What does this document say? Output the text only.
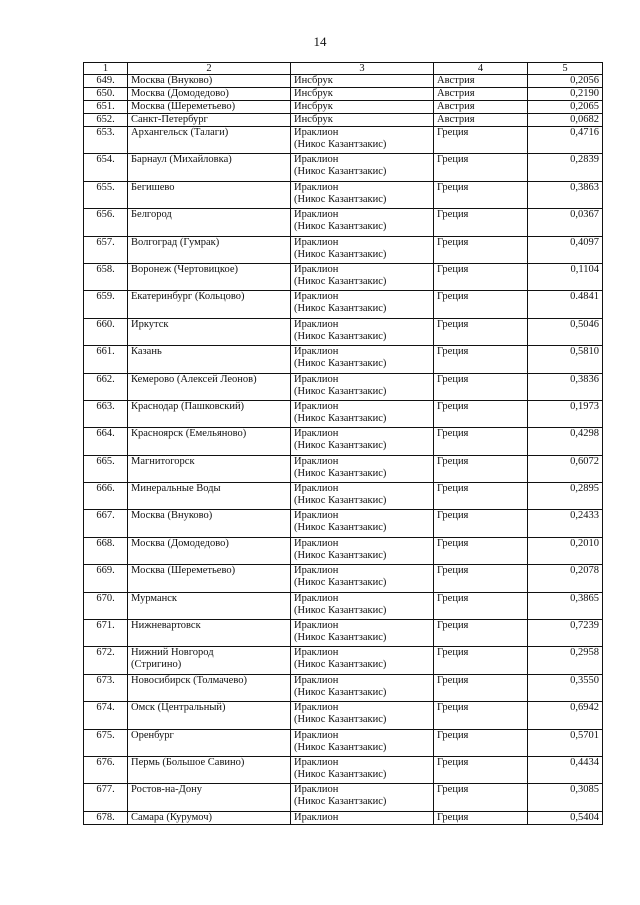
14
1	2	3	4	5
649.	Москва (Внуково)	Инсбрук	Австрия	0,2056
650.	Москва (Домодедово)	Инсбрук	Австрия	0,2190
651.	Москва (Шереметьево)	Инсбрук	Австрия	0,2065
652.	Санкт-Петербург	Инсбрук	Австрия	0,0682
653.	Архангельск (Талаги)	Ираклион
(Никос Казантзакис)	Греция	0,4716
654.	Барнаул (Михайловка)	Ираклион
(Никос Казантзакис)	Греция	0,2839
655.	Бегишево	Ираклион
(Никос Казантзакис)	Греция	0,3863
656.	Белгород	Ираклион
(Никос Казантзакис)	Греция	0,0367
657.	Волгоград (Гумрак)	Ираклион
(Никос Казантзакис)	Греция	0,4097
658.	Воронеж (Чертовицкое)	Ираклион
(Никос Казантзакис)	Греция	0,1104
659.	Екатеринбург (Кольцово)	Ираклион
(Никос Казантзакис)	Греция	0.4841
660.	Иркутск	Ираклион
(Никос Казантзакис)	Греция	0,5046
661.	Казань	Ираклион
(Никос Казантзакис)	Греция	0,5810
662.	Кемерово (Алексей Леонов)	Ираклион
(Никос Казантзакис)	Греция	0,3836
663.	Краснодар (Пашковский)	Ираклион
(Никос Казантзакис)	Греция	0,1973
664.	Красноярск (Емельяново)	Ираклион
(Никос Казантзакис)	Греция	0,4298
665.	Магнитогорск	Ираклион
(Никос Казантзакис)	Греция	0,6072
666.	Минеральные Воды	Ираклион
(Никос Казантзакис)	Греция	0,2895
667.	Москва (Внуково)	Ираклион
(Никос Казантзакис)	Греция	0,2433
668.	Москва (Домодедово)	Ираклион
(Никос Казантзакис)	Греция	0,2010
669.	Москва (Шереметьево)	Ираклион
(Никос Казантзакис)	Греция	0,2078
670.	Мурманск	Ираклион
(Никос Казантзакис)	Греция	0,3865
671.	Нижневартовск	Ираклион
(Никос Казантзакис)	Греция	0,7239
672.	Нижний Новгород
(Стригино)	Ираклион
(Никос Казантзакис)	Греция	0,2958
673.	Новосибирск (Толмачево)	Ираклион
(Никос Казантзакис)	Греция	0,3550
674.	Омск (Центральный)	Ираклион
(Никос Казантзакис)	Греция	0,6942
675.	Оренбург	Ираклион
(Никос Казантзакис)	Греция	0,5701
676.	Пермь (Большое Савино)	Ираклион
(Никос Казантзакис)	Греция	0,4434
677.	Ростов-на-Дону	Ираклион
(Никос Казантзакис)	Греция	0,3085
678.	Самара (Курумоч)	Ираклион	Греция	0,5404
